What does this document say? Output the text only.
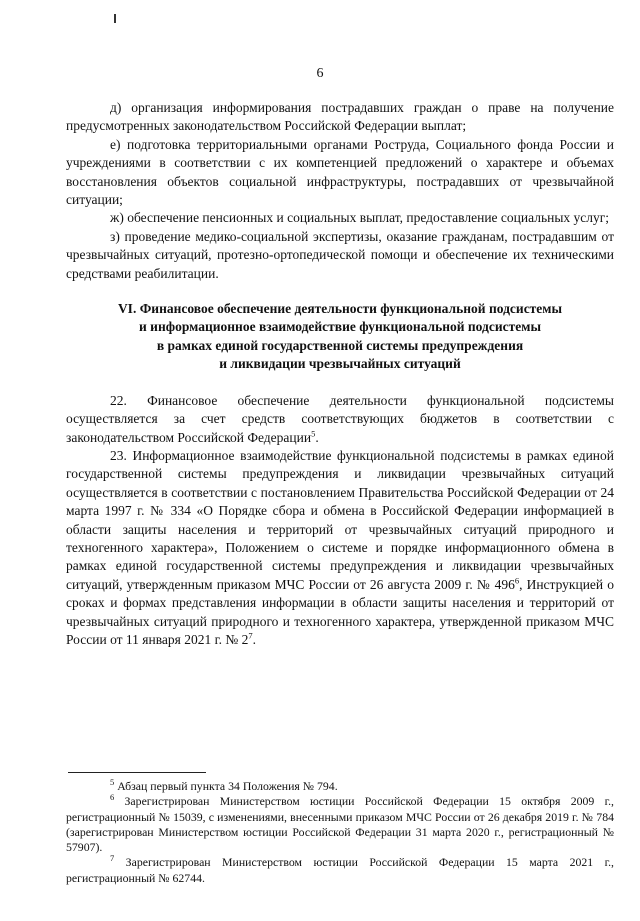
6

д) организация информирования пострадавших граждан о праве на получение предусмотренных законодательством Российской Федерации выплат;

е) подготовка территориальными органами Роструда, Социального фонда России и учреждениями в соответствии с их компетенцией предложений о характере и объемах восстановления объектов социальной инфраструктуры, пострадавших от чрезвычайной ситуации;

ж) обеспечение пенсионных и социальных выплат, предоставление социальных услуг;

з) проведение медико-социальной экспертизы, оказание гражданам, пострадавшим от чрезвычайных ситуаций, протезно-ортопедической помощи и обеспечение их техническими средствами реабилитации.

VI. Финансовое обеспечение деятельности функциональной подсистемы
и информационное взаимодействие функциональной подсистемы
в рамках единой государственной системы предупреждения
и ликвидации чрезвычайных ситуаций

22. Финансовое обеспечение деятельности функциональной подсистемы осуществляется за счет средств соответствующих бюджетов в соответствии с законодательством Российской Федерации$^5$.

23. Информационное взаимодействие функциональной подсистемы в рамках единой государственной системы предупреждения и ликвидации чрезвычайных ситуаций осуществляется в соответствии с постановлением Правительства Российской Федерации от 24 марта 1997 г. № 334 «О Порядке сбора и обмена в Российской Федерации информацией в области защиты населения и территорий от чрезвычайных ситуаций природного и техногенного характера», Положением о системе и порядке информационного обмена в рамках единой государственной системы предупреждения и ликвидации чрезвычайных ситуаций, утвержденным приказом МЧС России от 26 августа 2009 г. № $496^6$, Инструкцией о сроках и формах представления информации в области защиты населения и территорий от чрезвычайных ситуаций природного и техногенного характера, утвержденной приказом МЧС России от 11 января 2021 г. № $2^7$.

$^5$ Абзац первый пункта 34 Положения № 794.

$^6$ Зарегистрирован Министерством юстиции Российской Федерации 15 октября 2009 г., регистрационный № 15039, с изменениями, внесенными приказом МЧС России от 26 декабря 2019 г. № 784 (зарегистрирован Министерством юстиции Российской Федерации 31 марта 2020 г., регистрационный № 57907).

$^7$ Зарегистрирован Министерством юстиции Российской Федерации 15 марта 2021 г., регистрационный № 62744.
